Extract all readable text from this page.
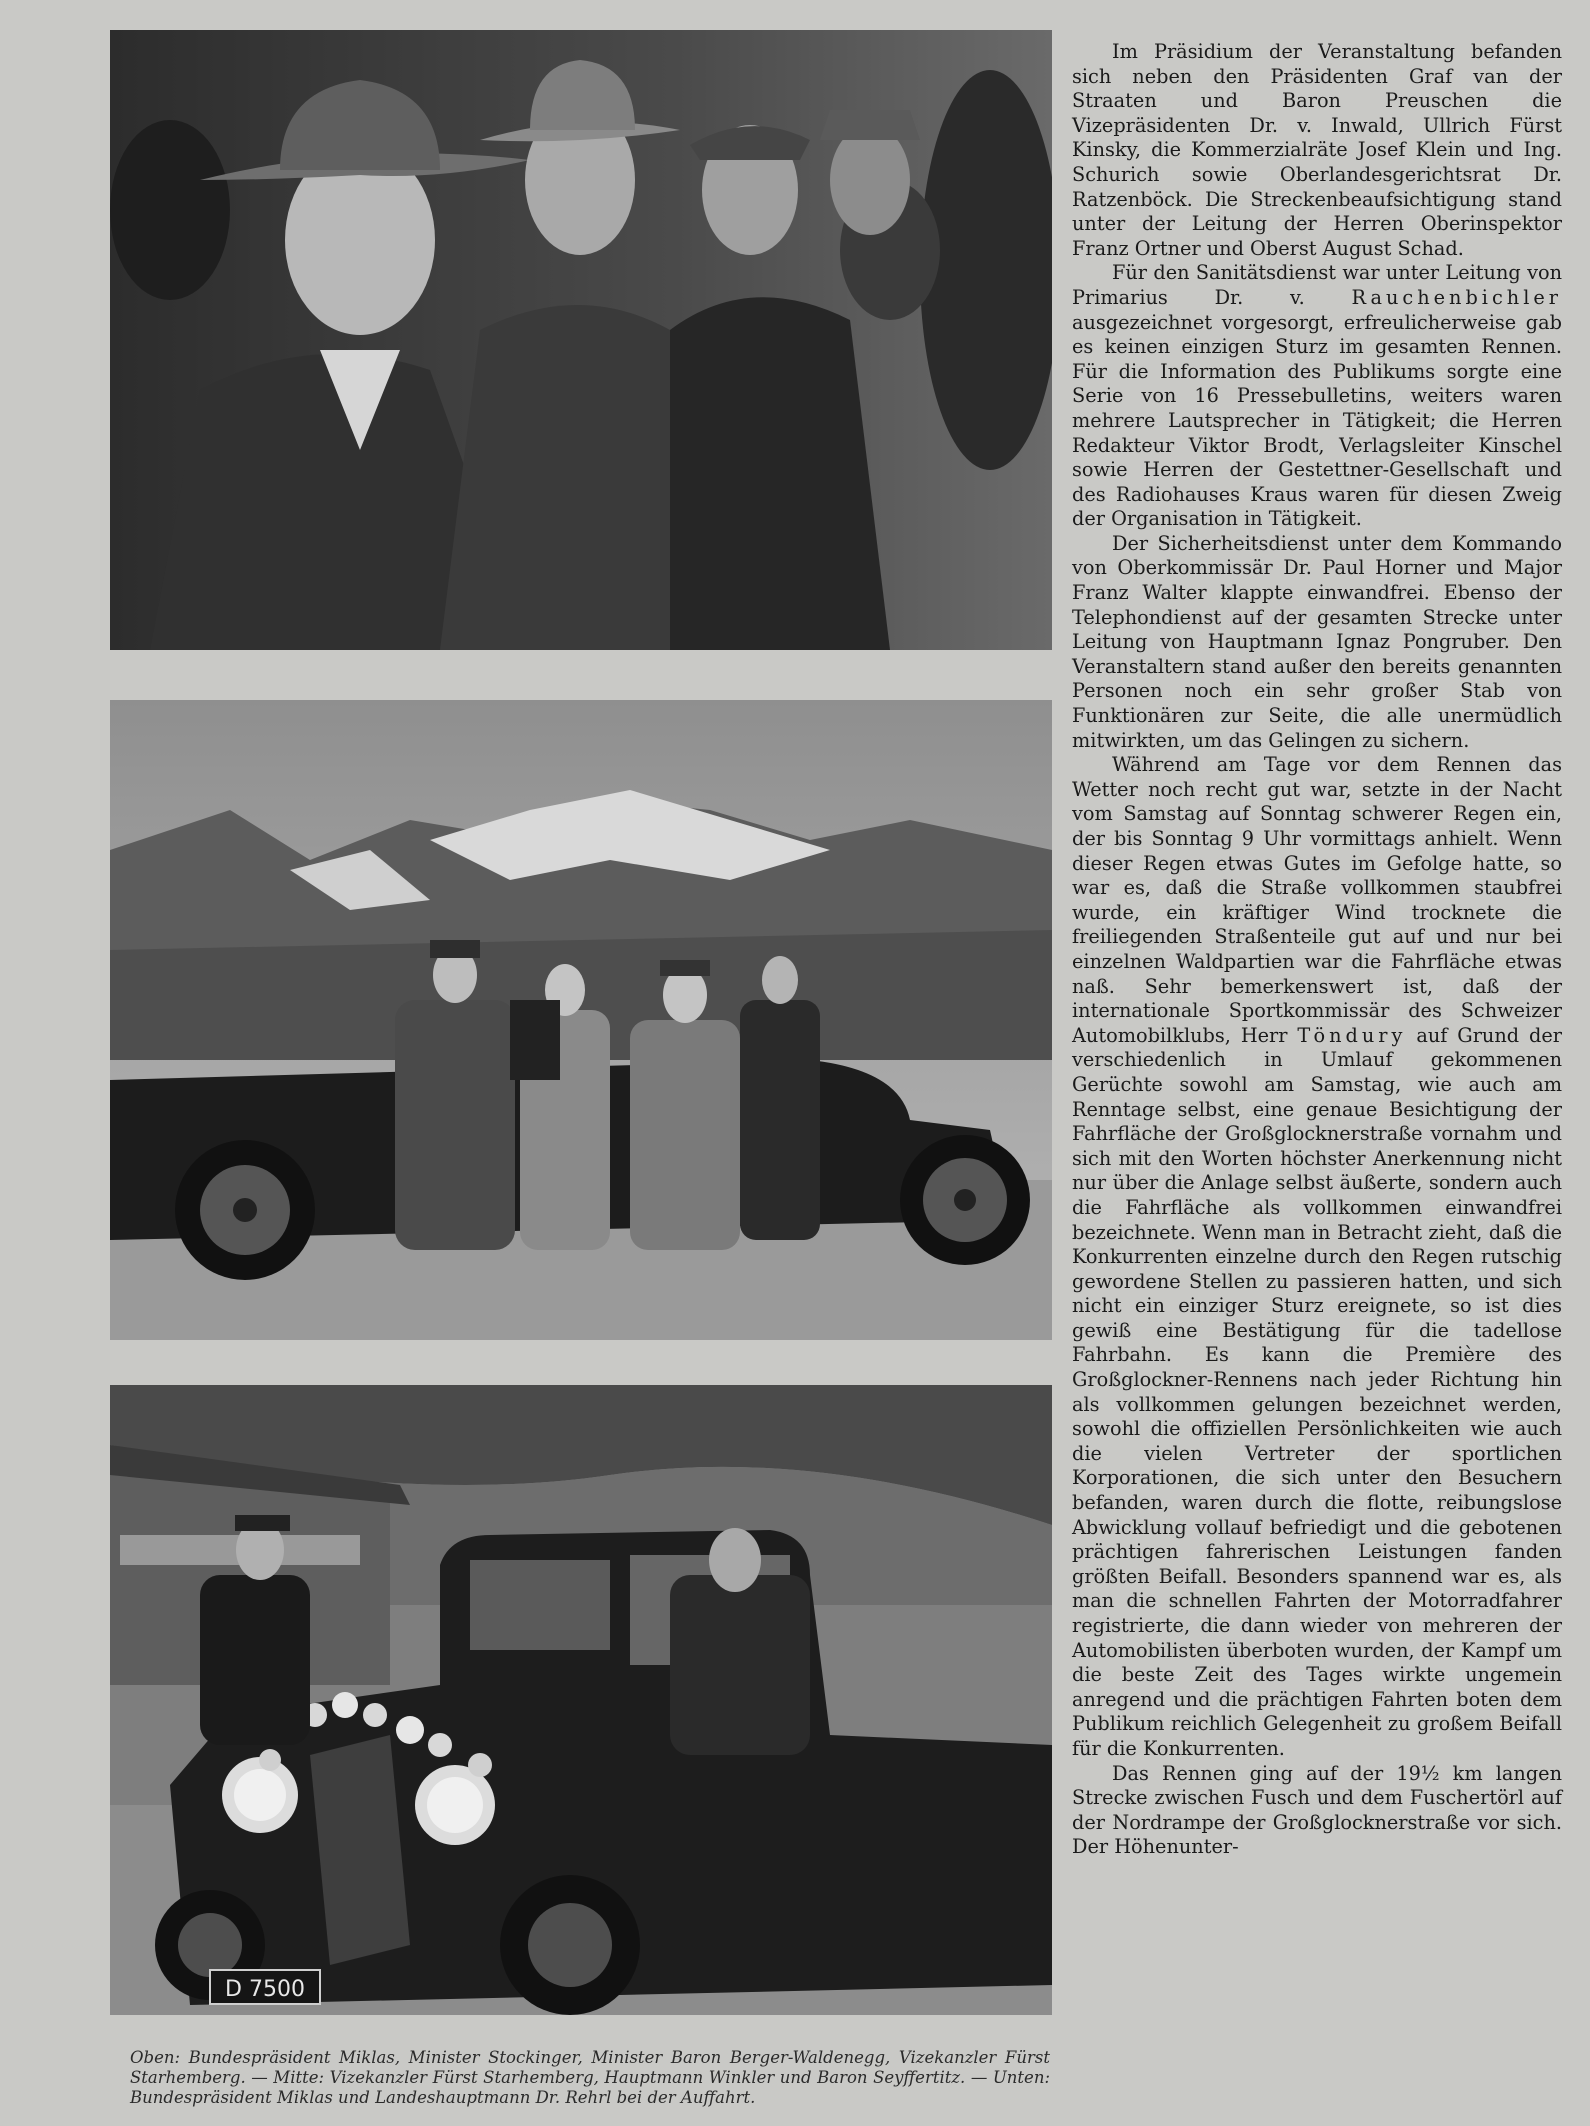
D 7500
Oben: Bundespräsident Miklas, Minister Stockinger, Minister Baron Berger-Waldenegg, Vizekanzler Fürst Starhemberg. — Mitte: Vizekanzler Fürst Starhemberg, Hauptmann Winkler und Baron Seyffertitz. — Unten: Bundespräsident Miklas und Landeshauptmann Dr. Rehrl bei der Auffahrt.

Im Präsidium der Veranstaltung befanden sich neben den Präsidenten Graf van der Straaten und Baron Preuschen die Vizepräsidenten Dr. v. Inwald, Ullrich Fürst Kinsky, die Kommerzialräte Josef Klein und Ing. Schurich sowie Oberlandesgerichtsrat Dr. Ratzenböck. Die Streckenbeaufsichtigung stand unter der Leitung der Herren Oberinspektor Franz Ortner und Oberst August Schad.

Für den Sanitätsdienst war unter Leitung von Primarius Dr. v. Rauchenbichler ausgezeichnet vorgesorgt, erfreulicherweise gab es keinen einzigen Sturz im gesamten Rennen. Für die Information des Publikums sorgte eine Serie von 16 Pressebulletins, weiters waren mehrere Lautsprecher in Tätigkeit; die Herren Redakteur Viktor Brodt, Verlagsleiter Kinschel sowie Herren der Gestettner-Gesellschaft und des Radiohauses Kraus waren für diesen Zweig der Organisation in Tätigkeit.

Der Sicherheitsdienst unter dem Kommando von Oberkommissär Dr. Paul Horner und Major Franz Walter klappte einwandfrei. Ebenso der Telephondienst auf der gesamten Strecke unter Leitung von Hauptmann Ignaz Pongruber. Den Veranstaltern stand außer den bereits genannten Personen noch ein sehr großer Stab von Funktionären zur Seite, die alle unermüdlich mitwirkten, um das Gelingen zu sichern.

Während am Tage vor dem Rennen das Wetter noch recht gut war, setzte in der Nacht vom Samstag auf Sonntag schwerer Regen ein, der bis Sonntag 9 Uhr vormittags anhielt. Wenn dieser Regen etwas Gutes im Gefolge hatte, so war es, daß die Straße vollkommen staubfrei wurde, ein kräftiger Wind trocknete die freiliegenden Straßenteile gut auf und nur bei einzelnen Waldpartien war die Fahrfläche etwas naß. Sehr bemerkenswert ist, daß der internationale Sportkommissär des Schweizer Automobilklubs, Herr Töndury auf Grund der verschiedenlich in Umlauf gekommenen Gerüchte sowohl am Samstag, wie auch am Renntage selbst, eine genaue Besichtigung der Fahrfläche der Großglocknerstraße vornahm und sich mit den Worten höchster Anerkennung nicht nur über die Anlage selbst äußerte, sondern auch die Fahrfläche als vollkommen einwandfrei bezeichnete. Wenn man in Betracht zieht, daß die Konkurrenten einzelne durch den Regen rutschig gewordene Stellen zu passieren hatten, und sich nicht ein einziger Sturz ereignete, so ist dies gewiß eine Bestätigung für die tadellose Fahrbahn. Es kann die Première des Großglockner-Rennens nach jeder Richtung hin als vollkommen gelungen bezeichnet werden, sowohl die offiziellen Persönlichkeiten wie auch die vielen Vertreter der sportlichen Korporationen, die sich unter den Besuchern befanden, waren durch die flotte, reibungslose Abwicklung vollauf befriedigt und die gebotenen prächtigen fahrerischen Leistungen fanden größten Beifall. Besonders spannend war es, als man die schnellen Fahrten der Motorradfahrer registrierte, die dann wieder von mehreren der Automobilisten überboten wurden, der Kampf um die beste Zeit des Tages wirkte ungemein anregend und die prächtigen Fahrten boten dem Publikum reichlich Gelegenheit zu großem Beifall für die Konkurrenten.

Das Rennen ging auf der 19½ km langen Strecke zwischen Fusch und dem Fuschertörl auf der Nordrampe der Großglocknerstraße vor sich. Der Höhenunter-
